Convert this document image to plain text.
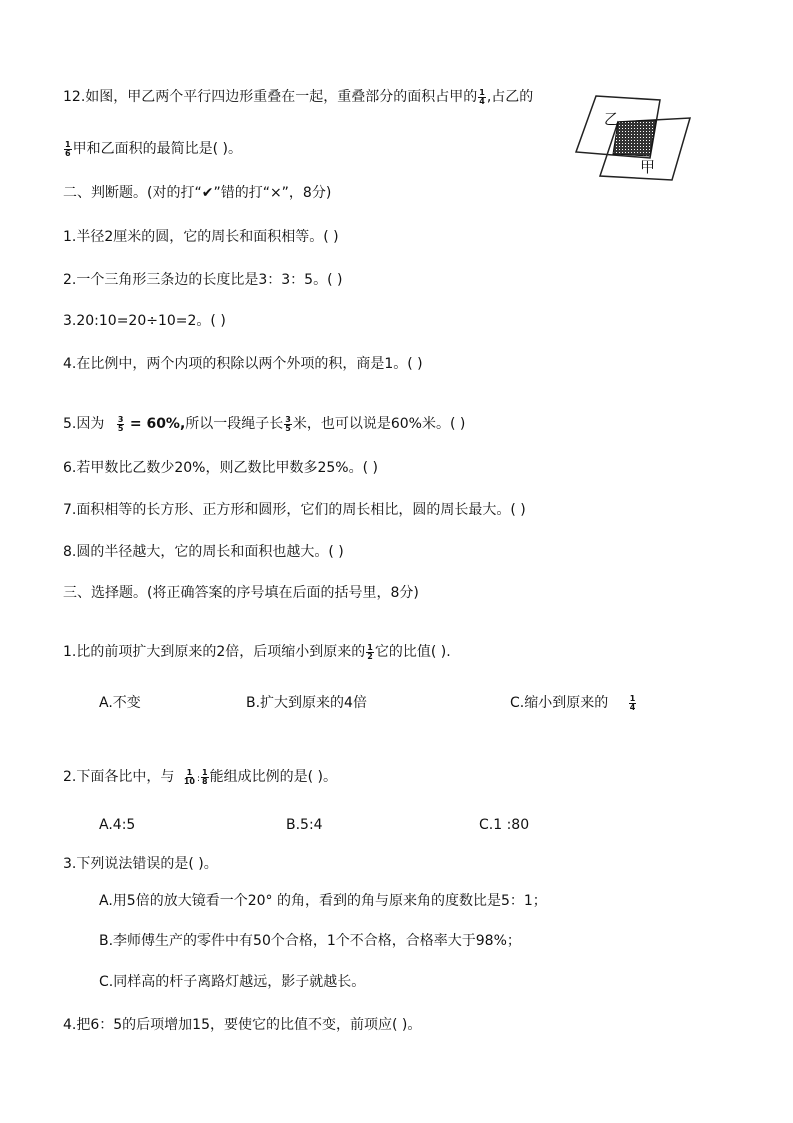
12.如图，甲乙两个平行四边形重叠在一起，重叠部分的面积占甲的 $\frac{1}{4}$ ,占乙的
$\frac{1}{6}$ 甲和乙面积的最简比是( )。
乙
甲
二、判断题。(对的打“✔”错的打“×”，8分)
1.半径2厘米的圆，它的周长和面积相等。( )
2.一个三角形三条边的长度比是3：3：5。( )
3.20:10=20÷10=2。( )
4.在比例中，两个内项的积除以两个外项的积，商是1。( )
5.因为 $\frac{3}{5} = 60\%$,所以一段绳子长 $\frac{3}{5}$ 米，也可以说是60%米。( )
6.若甲数比乙数少20%，则乙数比甲数多25%。( )
7.面积相等的长方形、正方形和圆形，它们的周长相比，圆的周长最大。( )
8.圆的半径越大，它的周长和面积也越大。( )
三、选择题。(将正确答案的序号填在后面的括号里，8分)
1.比的前项扩大到原来的2倍，后项缩小到原来的 $\frac{1}{2}$ 它的比值( ).
A.不变	B.扩大到原来的4倍	C.缩小到原来的	$\frac{1}{4}$
2.下面各比中，与 $\frac{1}{10}$ : $\frac{1}{8}$ 能组成比例的是( )。
A.4:5	B.5:4	C.1 :80
3.下列说法错误的是( )。
A.用5倍的放大镜看一个20° 的角，看到的角与原来角的度数比是5：1；
B.李师傅生产的零件中有50个合格，1个不合格，合格率大于98%；
C.同样高的杆子离路灯越远，影子就越长。
4.把6：5的后项增加15，要使它的比值不变，前项应( )。
